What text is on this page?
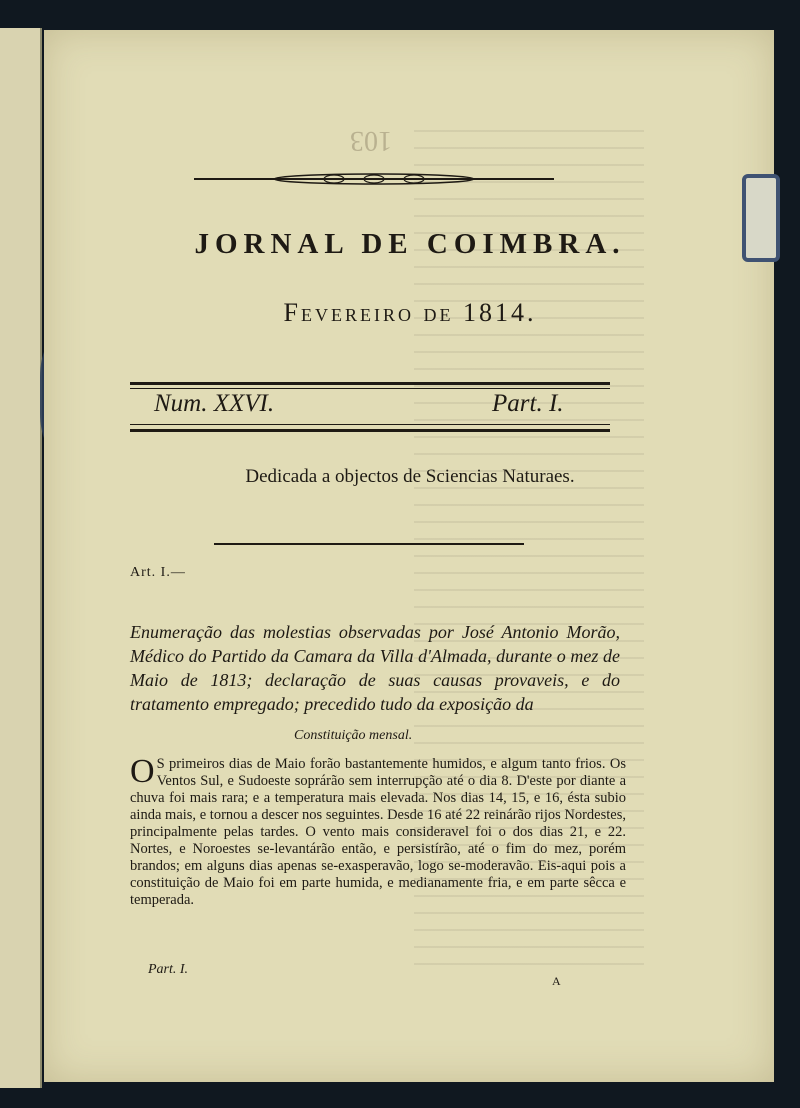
103
JORNAL DE COIMBRA.
Fevereiro de 1814.
Num. XXVI.	Part. I.
Dedicada a objectos de Sciencias Naturaes.
Art. I.—
Enumeração das molestias observadas por José Antonio Morão, Médico do Partido da Camara da Villa d'Almada, durante o mez de Maio de 1813; declaração de suas causas provaveis, e do tratamento empregado; precedido tudo da exposição da
Constituição mensal.
O S primeiros dias de Maio forão bastantemente humidos, e algum tanto frios. Os Ventos Sul, e Sudoeste soprárão sem interrupção até o dia 8. D'este por diante a chuva foi mais rara; e a temperatura mais elevada. Nos dias 14, 15, e 16, ésta subio ainda mais, e tornou a descer nos seguintes. Desde 16 até 22 reinárão rijos Nordestes, principalmente pelas tardes. O vento mais consideravel foi o dos dias 21, e 22. Nortes, e Noroestes se-levantárão então, e persistírão, até o fim do mez, porém brandos; em alguns dias apenas se-exasperavão, logo se-moderavão. Eis-aqui pois a constituição de Maio foi em parte humida, e medianamente fria, e em parte sêcca e temperada.
Part. I.
A
